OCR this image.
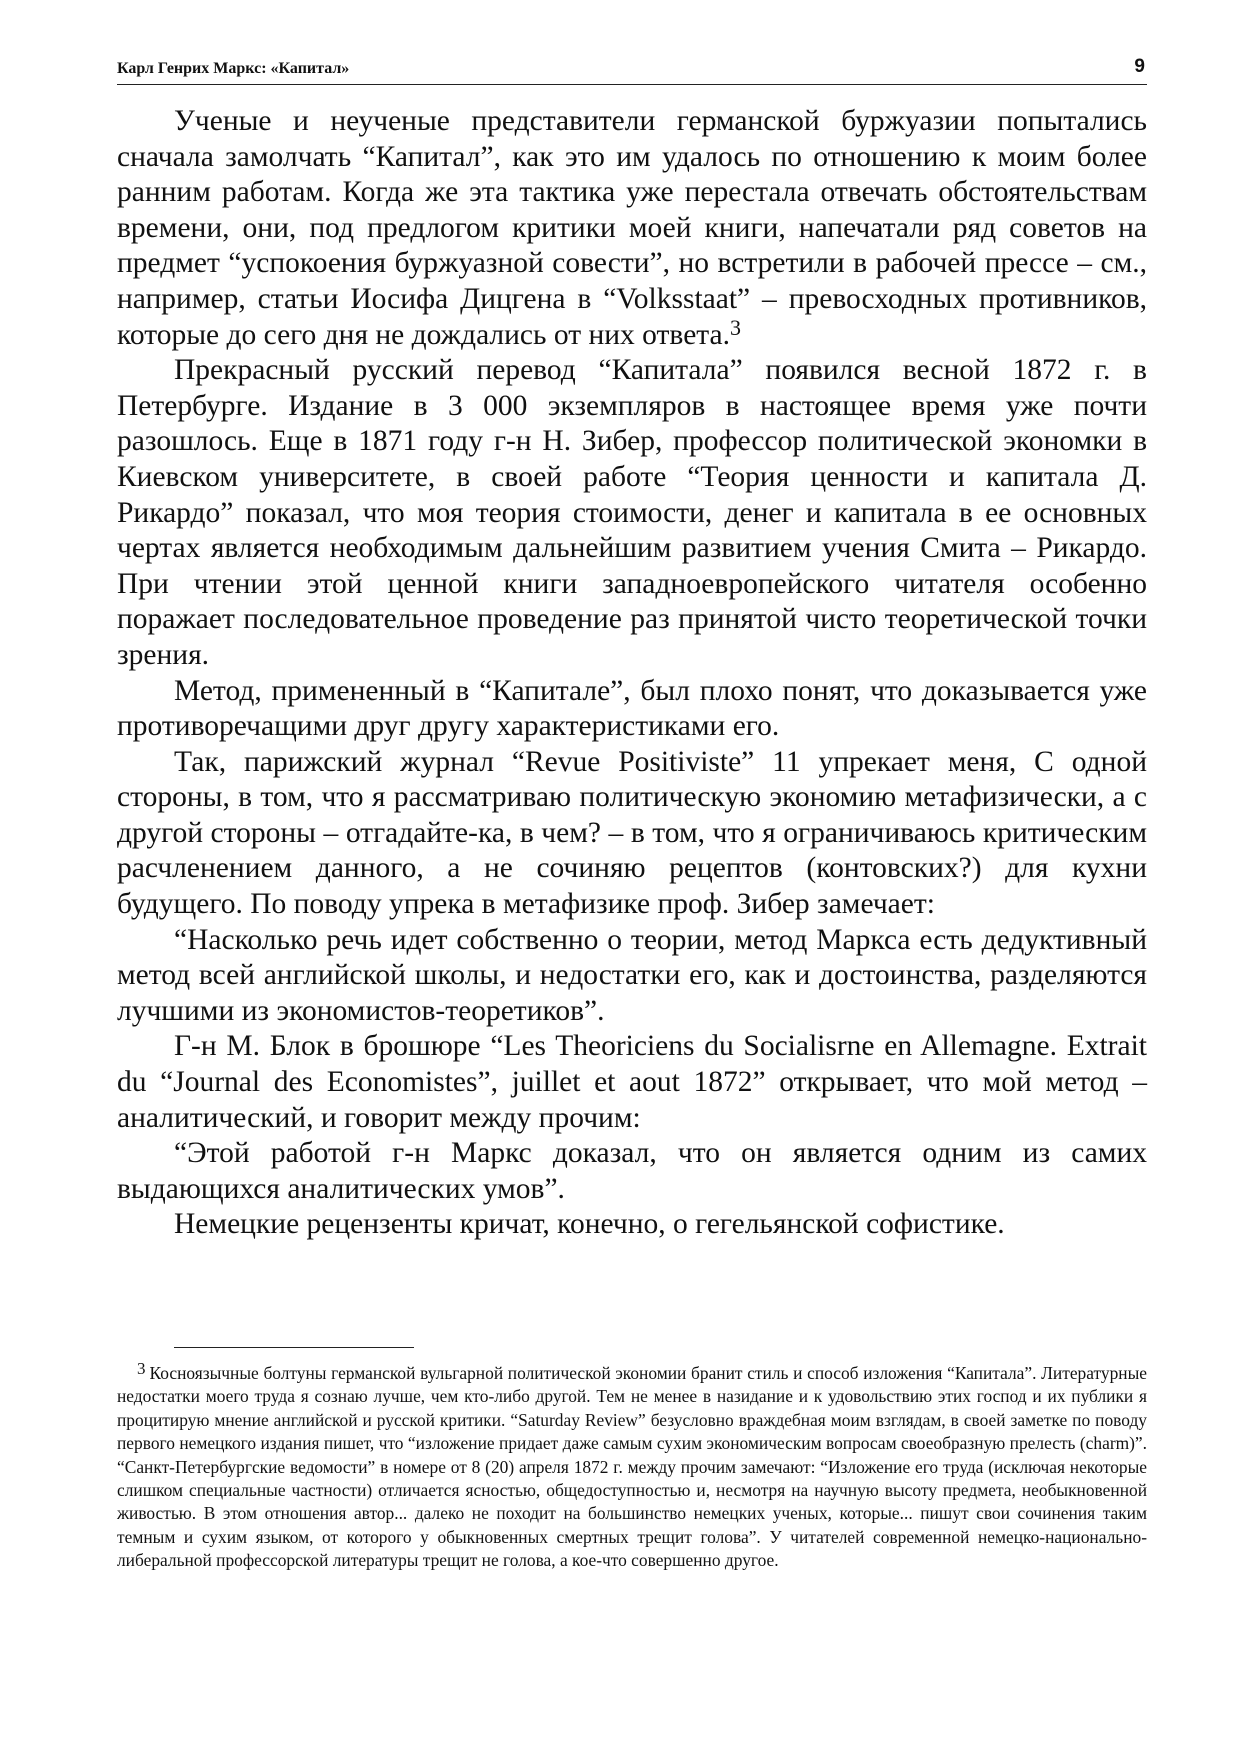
Карл Генрих Маркс: «Капитал»	9

Ученые и неученые представители германской буржуазии попытались сначала замолчать “Капитал”, как это им удалось по отношению к моим более ранним работам. Когда же эта тактика уже перестала отвечать обстоятельствам времени, они, под предлогом критики моей книги, напечатали ряд советов на предмет “успокоения буржуазной совести”, но встретили в рабочей прессе – см., например, статьи Иосифа Дицгена в “Volksstaat” – превосходных противников, которые до сего дня не дождались от них ответа.$^3$

Прекрасный русский перевод “Капитала” появился весной 1872 г. в Петербурге. Издание в 3 000 экземпляров в настоящее время уже почти разошлось. Еще в 1871 году г-н Н. Зибер, профессор политической экономки в Киевском университете, в своей работе “Теория ценности и капитала Д. Рикардо” показал, что моя теория стоимости, денег и капитала в ее основных чертах является необходимым дальнейшим развитием учения Смита – Рикардо. При чтении этой ценной книги западноевропейского читателя особенно поражает последовательное проведение раз принятой чисто теоретической точки зрения.

Метод, примененный в “Капитале”, был плохо понят, что доказывается уже противоречащими друг другу характеристиками его.

Так, парижский журнал “Revue Positiviste” 11 упрекает меня, С одной стороны, в том, что я рассматриваю политическую экономию метафизически, а с другой стороны – отгадайте-ка, в чем? – в том, что я ограничиваюсь критическим расчленением данного, а не сочиняю рецептов (контовских?) для кухни будущего. По поводу упрека в метафизике проф. Зибер замечает:

“Насколько речь идет собственно о теории, метод Маркса есть дедуктивный метод всей английской школы, и недостатки его, как и достоинства, разделяются лучшими из экономистов-теоретиков”.

Г-н М. Блок в брошюре “Les Theoriciens du Socialisrne en Allemagne. Extrait du “Journal des Economistes”, juillet et aout 1872” открывает, что мой метод – аналитический, и говорит между прочим:

“Этой работой г-н Маркс доказал, что он является одним из самих выдающихся аналитических умов”.

Немецкие рецензенты кричат, конечно, о гегельянской софистике.

3 Косноязычные болтуны германской вульгарной политической экономии бранит стиль и способ изложения “Капитала”. Литературные недостатки моего труда я сознаю лучше, чем кто-либо другой. Тем не менее в назидание и к удовольствию этих господ и их публики я процитирую мнение английской и русской критики. “Saturday Review” безусловно враждебная моим взглядам, в своей заметке по поводу первого немецкого издания пишет, что “изложение придает даже самым сухим экономическим вопросам своеобразную прелесть (charm)”. “Санкт-Петербургские ведомости” в номере от 8 (20) апреля 1872 г. между прочим замечают: “Изложение его труда (исключая некоторые слишком специальные частности) отличается ясностью, общедоступностью и, несмотря на научную высоту предмета, необыкновенной живостью. В этом отношения автор... далеко не походит на большинство немецких ученых, которые... пишут свои сочинения таким темным и сухим языком, от которого у обыкновенных смертных трещит голова”. У читателей современной немецко-национально-либеральной профессорской литературы трещит не голова, а кое-что совершенно другое.
